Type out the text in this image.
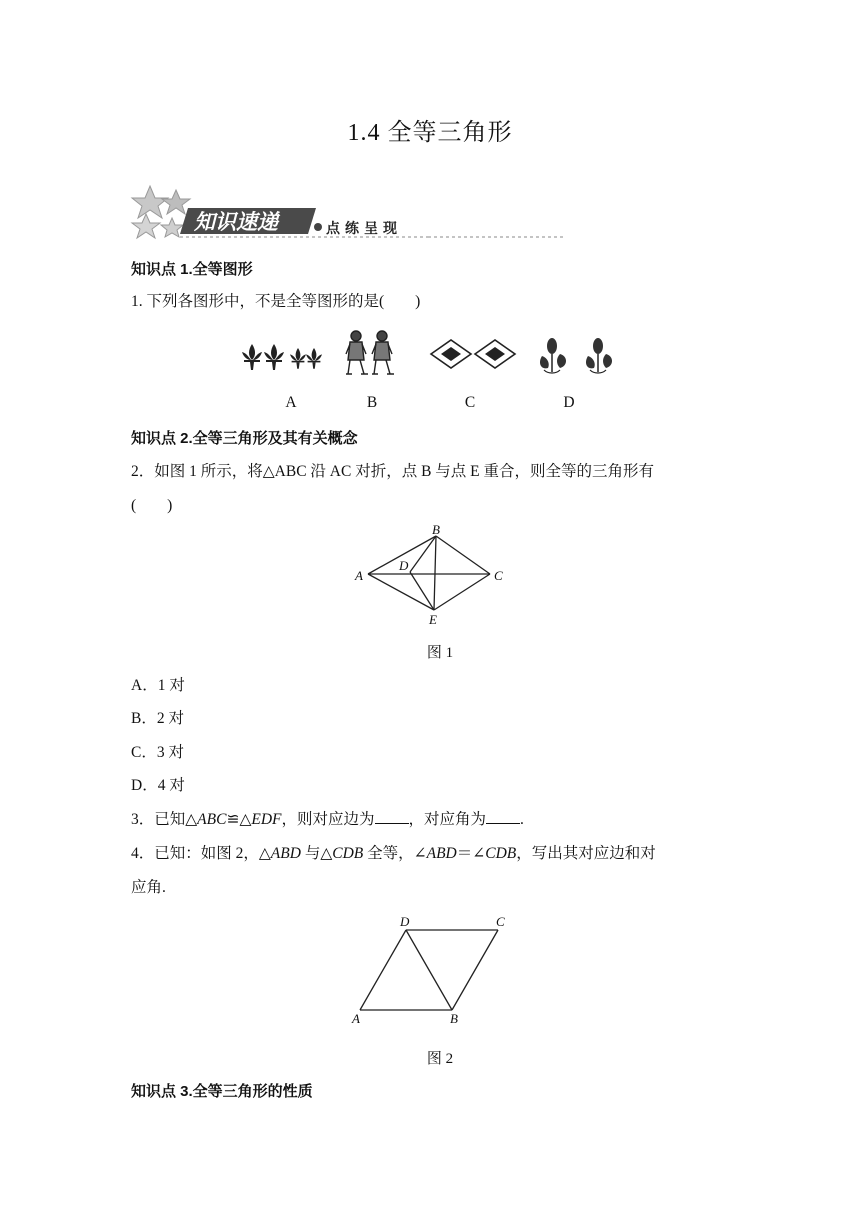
1.4 全等三角形
知识速递	点练呈现
知识点 1.全等图形
1. 下列各图形中，不是全等图形的是(　　)
A	B	C	D
知识点 2.全等三角形及其有关概念
2．如图 1 所示，将△ABC 沿 AC 对折，点 B 与点 E 重合，则全等的三角形有
(　　)
A
B
C
D
E
图 1
A．1 对
B．2 对
C．3 对
D．4 对
3．已知△ABC≌△EDF，则对应边为 ，对应角为 .
4．已知：如图 2，△ABD 与△CDB 全等，∠ABD＝∠CDB，写出其对应边和对
应角.
D	C
A	B
图 2
知识点 3.全等三角形的性质
